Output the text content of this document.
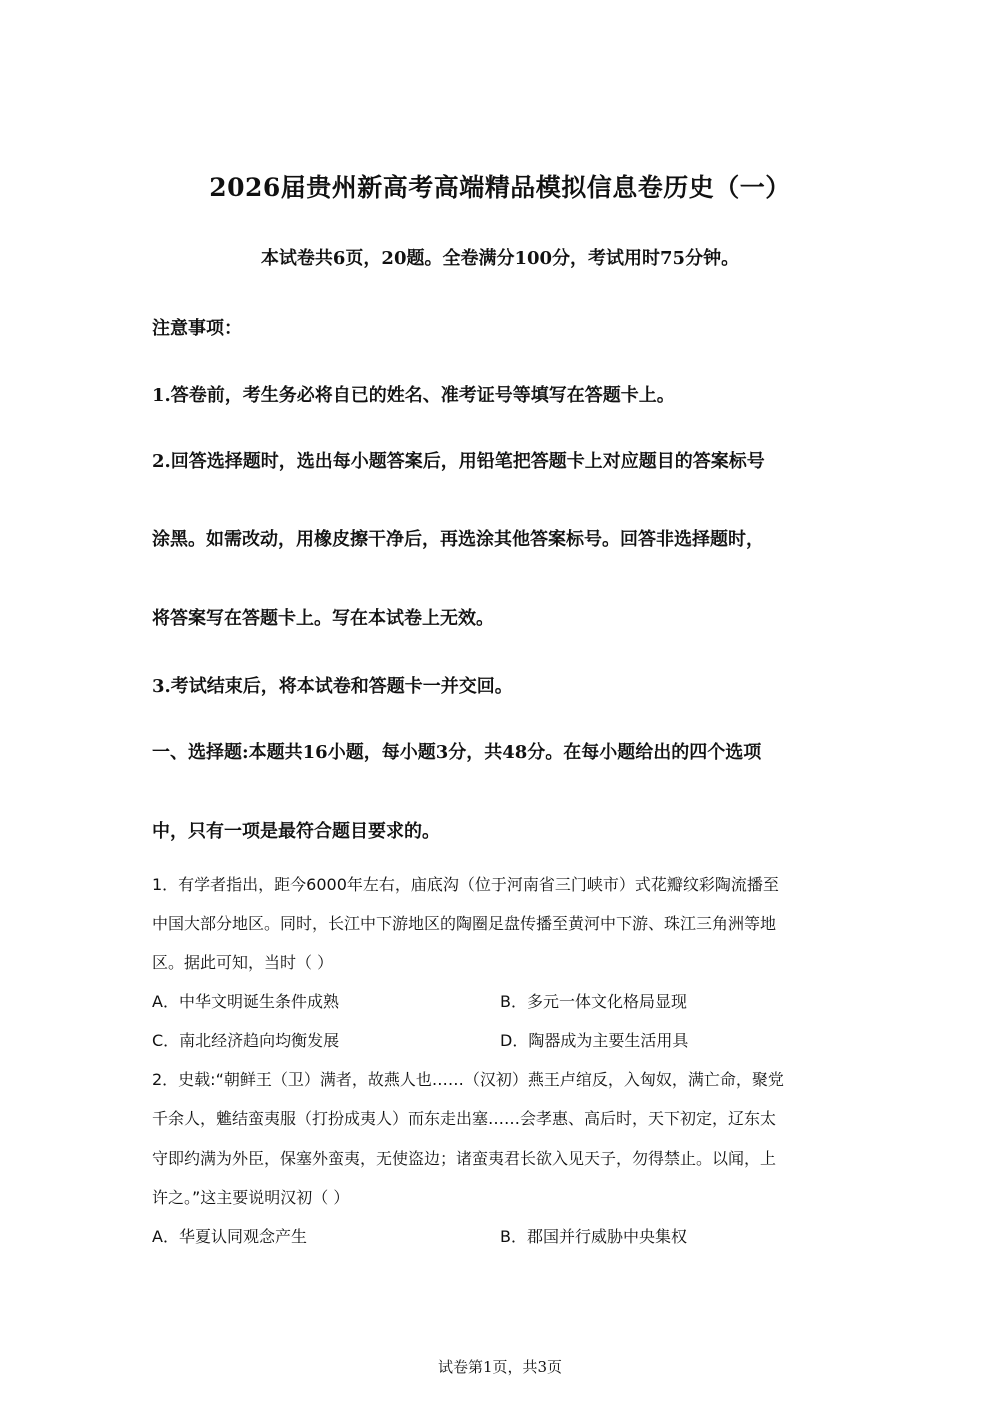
2026届贵州新高考高端精品模拟信息卷历史（一）
本试卷共6页，20题。全卷满分100分，考试用时75分钟。
注意事项：
1.答卷前，考生务必将自已的姓名、准考证号等填写在答题卡上。
2.回答选择题时，选出每小题答案后，用铅笔把答题卡上对应题目的答案标号
涂黑。如需改动，用橡皮擦干净后，再选涂其他答案标号。回答非选择题时，
将答案写在答题卡上。写在本试卷上无效。
3.考试结束后，将本试卷和答题卡一并交回。
一、选择题:本题共16小题，每小题3分，共48分。在每小题给出的四个选项
中，只有一项是最符合题目要求的。
1．有学者指出，距今6000年左右，庙底沟（位于河南省三门峡市）式花瓣纹彩陶流播至
中国大部分地区。同时，长江中下游地区的陶圈足盘传播至黄河中下游、珠江三角洲等地
区。据此可知，当时（ ）
A．中华文明诞生条件成熟	B．多元一体文化格局显现
C．南北经济趋向均衡发展	D．陶器成为主要生活用具
2．史载:“朝鲜王（卫）满者，故燕人也……（汉初）燕王卢绾反，入匈奴，满亡命，聚党
千余人，魋结蛮夷服（打扮成夷人）而东走出塞……会孝惠、高后时，天下初定，辽东太
守即约满为外臣，保塞外蛮夷，无使盗边；诸蛮夷君长欲入见天子，勿得禁止。以闻，上
许之。”这主要说明汉初（ ）
A．华夏认同观念产生	B．郡国并行威胁中央集权
试卷第1页，共3页
